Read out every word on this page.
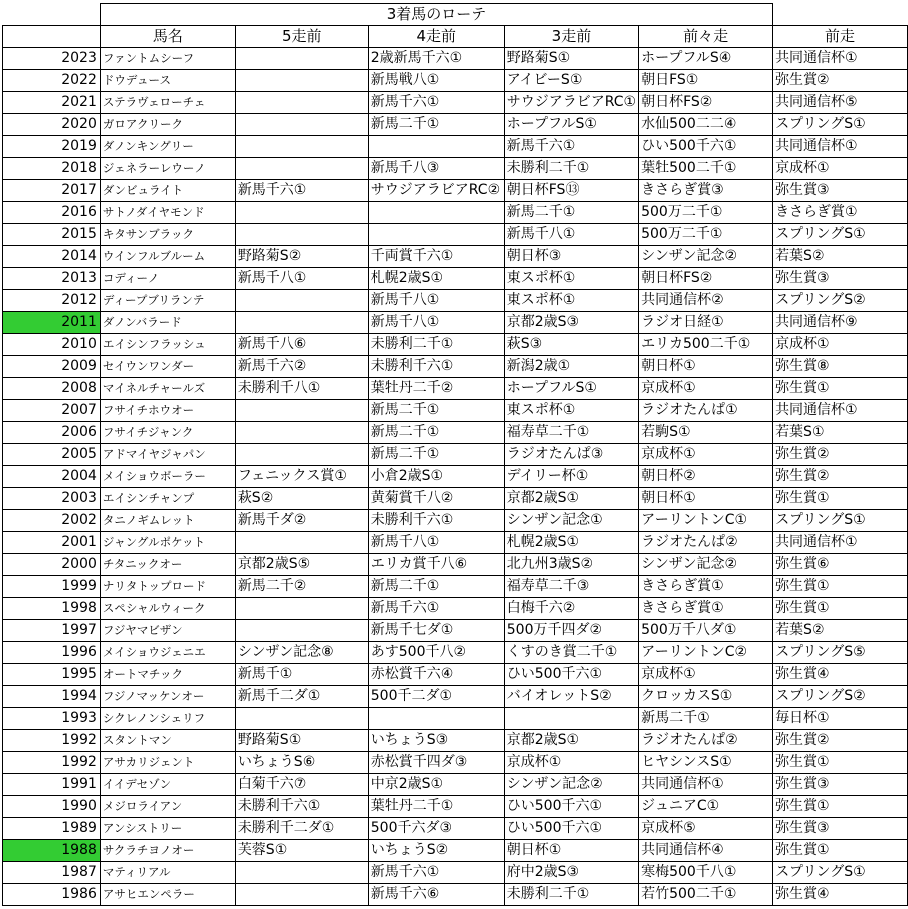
	3着馬のローテ					
	馬名	5走前	4走前	3走前	前々走	前走
2023	ファントムシーフ		2歳新馬千六①	野路菊S①	ホープフルS④	共同通信杯①
2022	ドウデュース		新馬戦八①	アイビーS①	朝日FS①	弥生賞②
2021	ステラヴェローチェ		新馬千六①	サウジアラビアRC①	朝日杯FS②	共同通信杯⑤
2020	ガロアクリーク		新馬二千①	ホープフルS①	水仙500二二④	スプリングS①
2019	ダノンキングリー			新馬千六①	ひい500千六①	共同通信杯①
2018	ジェネラーレウーノ		新馬千八③	未勝利二千①	葉牡500二千①	京成杯①
2017	ダンビュライト	新馬千六①	サウジアラビアRC②	朝日杯FS⑬	きさらぎ賞③	弥生賞③
2016	サトノダイヤモンド			新馬二千①	500万二千①	きさらぎ賞①
2015	キタサンブラック			新馬千八①	500万二千①	スプリングS①
2014	ウインフルブルーム	野路菊S②	千両賞千六①	朝日杯③	シンザン記念②	若葉S②
2013	コディーノ	新馬千八①	札幌2歳S①	東スポ杯①	朝日杯FS②	弥生賞③
2012	ディープブリランテ		新馬千八①	東スポ杯①	共同通信杯②	スプリングS②
2011	ダノンバラード		新馬千八①	京都2歳S③	ラジオ日経①	共同通信杯⑨
2010	エイシンフラッシュ	新馬千八⑥	未勝利二千①	萩S③	エリカ500二千①	京成杯①
2009	セイウンワンダー	新馬千六②	未勝利千六①	新潟2歳①	朝日杯①	弥生賞⑧
2008	マイネルチャールズ	未勝利千八①	葉牡丹二千②	ホープフルS①	京成杯①	弥生賞①
2007	フサイチホウオー		新馬二千①	東スポ杯①	ラジオたんぱ①	共同通信杯①
2006	フサイチジャンク		新馬二千①	福寿草二千①	若駒S①	若葉S①
2005	アドマイヤジャパン		新馬二千①	ラジオたんぱ③	京成杯①	弥生賞②
2004	メイショウボーラー	フェニックス賞①	小倉2歳S①	デイリー杯①	朝日杯②	弥生賞②
2003	エイシンチャンプ	萩S②	黄菊賞千八②	京都2歳S①	朝日杯①	弥生賞①
2002	タニノギムレット	新馬千ダ②	未勝利千六①	シンザン記念①	アーリントンC①	スプリングS①
2001	ジャングルポケット		新馬千八①	札幌2歳S①	ラジオたんぱ②	共同通信杯①
2000	チタニックオー	京都2歳S⑤	エリカ賞千八⑥	北九州3歳S②	シンザン記念②	弥生賞⑥
1999	ナリタトップロード	新馬二千②	新馬二千①	福寿草二千③	きさらぎ賞①	弥生賞①
1998	スペシャルウィーク		新馬千六①	白梅千六②	きさらぎ賞①	弥生賞①
1997	フジヤマビザン		新馬千七ダ①	500万千四ダ②	500万千八ダ①	若葉S②
1996	メイショウジェニエ	シンザン記念⑧	あす500千八②	くすのき賞二千①	アーリントンC②	スプリングS⑤
1995	オートマチック	新馬千①	赤松賞千六④	ひい500千六①	京成杯①	弥生賞④
1994	フジノマッケンオー	新馬千二ダ①	500千二ダ①	バイオレットS②	クロッカスS①	スプリングS②
1993	シクレノンシェリフ				新馬二千①	毎日杯①
1992	スタントマン	野路菊S①	いちょうS③	京都2歳S①	ラジオたんぱ②	弥生賞②
1992	アサカリジェント	いちょうS⑥	赤松賞千四ダ③	京成杯①	ヒヤシンスS①	弥生賞①
1991	イイデセゾン	白菊千六⑦	中京2歳S①	シンザン記念②	共同通信杯①	弥生賞③
1990	メジロライアン	未勝利千六①	葉牡丹二千①	ひい500千六①	ジュニアC①	弥生賞①
1989	アンシストリー	未勝利千二ダ①	500千六ダ③	ひい500千六①	京成杯⑤	弥生賞③
1988	サクラチヨノオー	芙蓉S①	いちょうS②	朝日杯①	共同通信杯④	弥生賞①
1987	マティリアル		新馬千六①	府中2歳S③	寒梅500千八①	スプリングS①
1986	アサヒエンペラー		新馬千六⑥	未勝利二千①	若竹500二千①	弥生賞④
